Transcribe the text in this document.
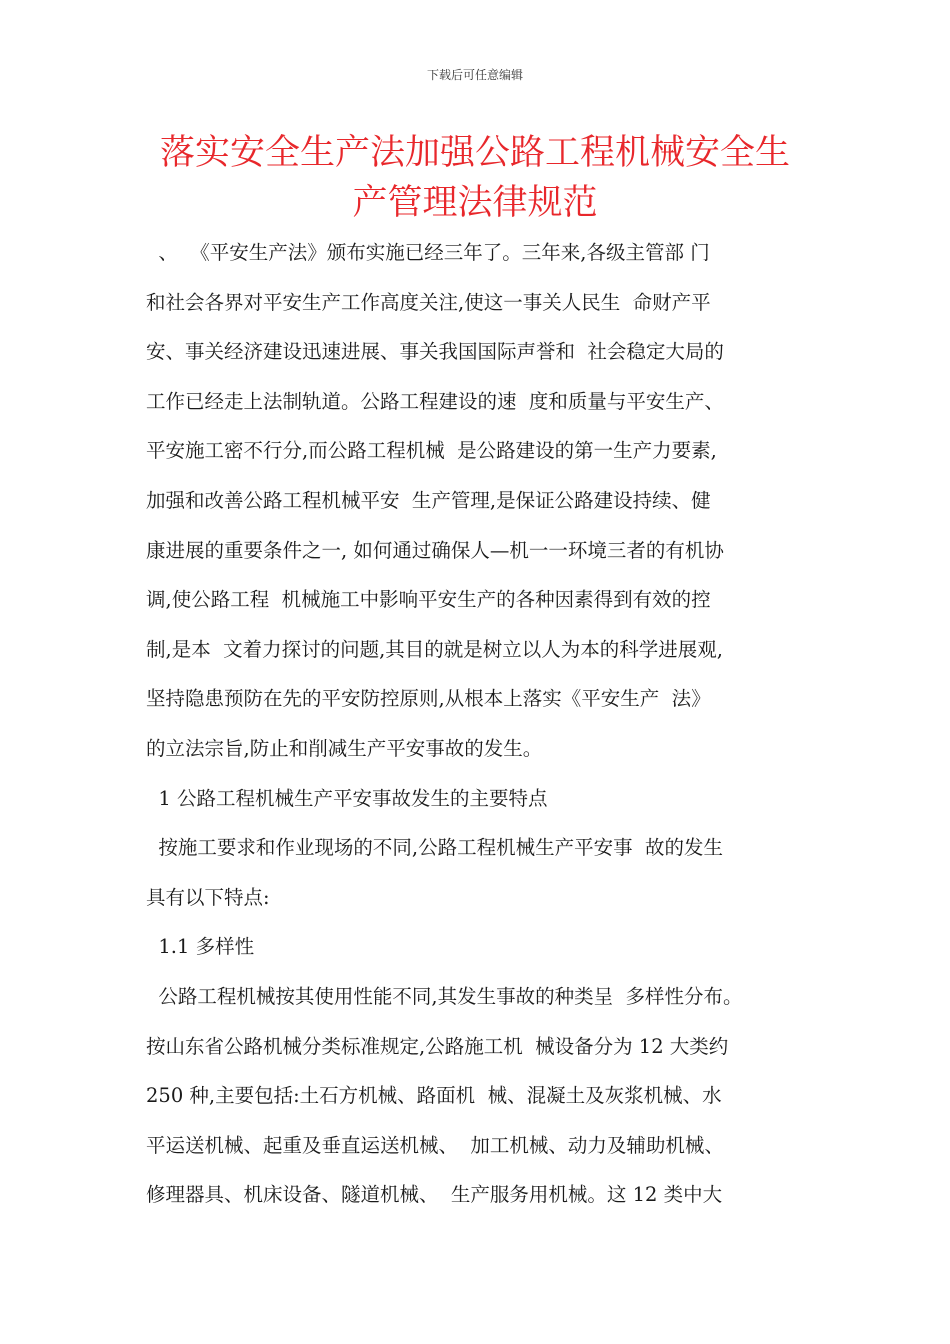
下载后可任意编辑
落实安全生产法加强公路工程机械安全生
产管理法律规范
、  《平安生产法》颁布实施已经三年了。三年来,各级主管部 门
和社会各界对平安生产工作高度关注,使这一事关人民生  命财产平
安、事关经济建设迅速进展、事关我国国际声誉和  社会稳定大局的
工作已经走上法制轨道。公路工程建设的速  度和质量与平安生产、
平安施工密不行分,而公路工程机械  是公路建设的第一生产力要素,
加强和改善公路工程机械平安  生产管理,是保证公路建设持续、健
康进展的重要条件之一, 如何通过确保人—机一一环境三者的有机协
调,使公路工程  机械施工中影响平安生产的各种因素得到有效的控
制,是本  文着力探讨的问题,其目的就是树立以人为本的科学进展观,
坚持隐患预防在先的平安防控原则,从根本上落实《平安生产  法》
的立法宗旨,防止和削减生产平安事故的发生。
1 公路工程机械生产平安事故发生的主要特点
按施工要求和作业现场的不同,公路工程机械生产平安事  故的发生
具有以下特点:
1.1 多样性
公路工程机械按其使用性能不同,其发生事故的种类呈  多样性分布。
按山东省公路机械分类标准规定,公路施工机  械设备分为 12 大类约
250 种,主要包括:土石方机械、路面机  械、混凝土及灰浆机械、水
平运送机械、起重及垂直运送机械、  加工机械、动力及辅助机械、
修理器具、机床设备、隧道机械、  生产服务用机械。这 12 类中大
